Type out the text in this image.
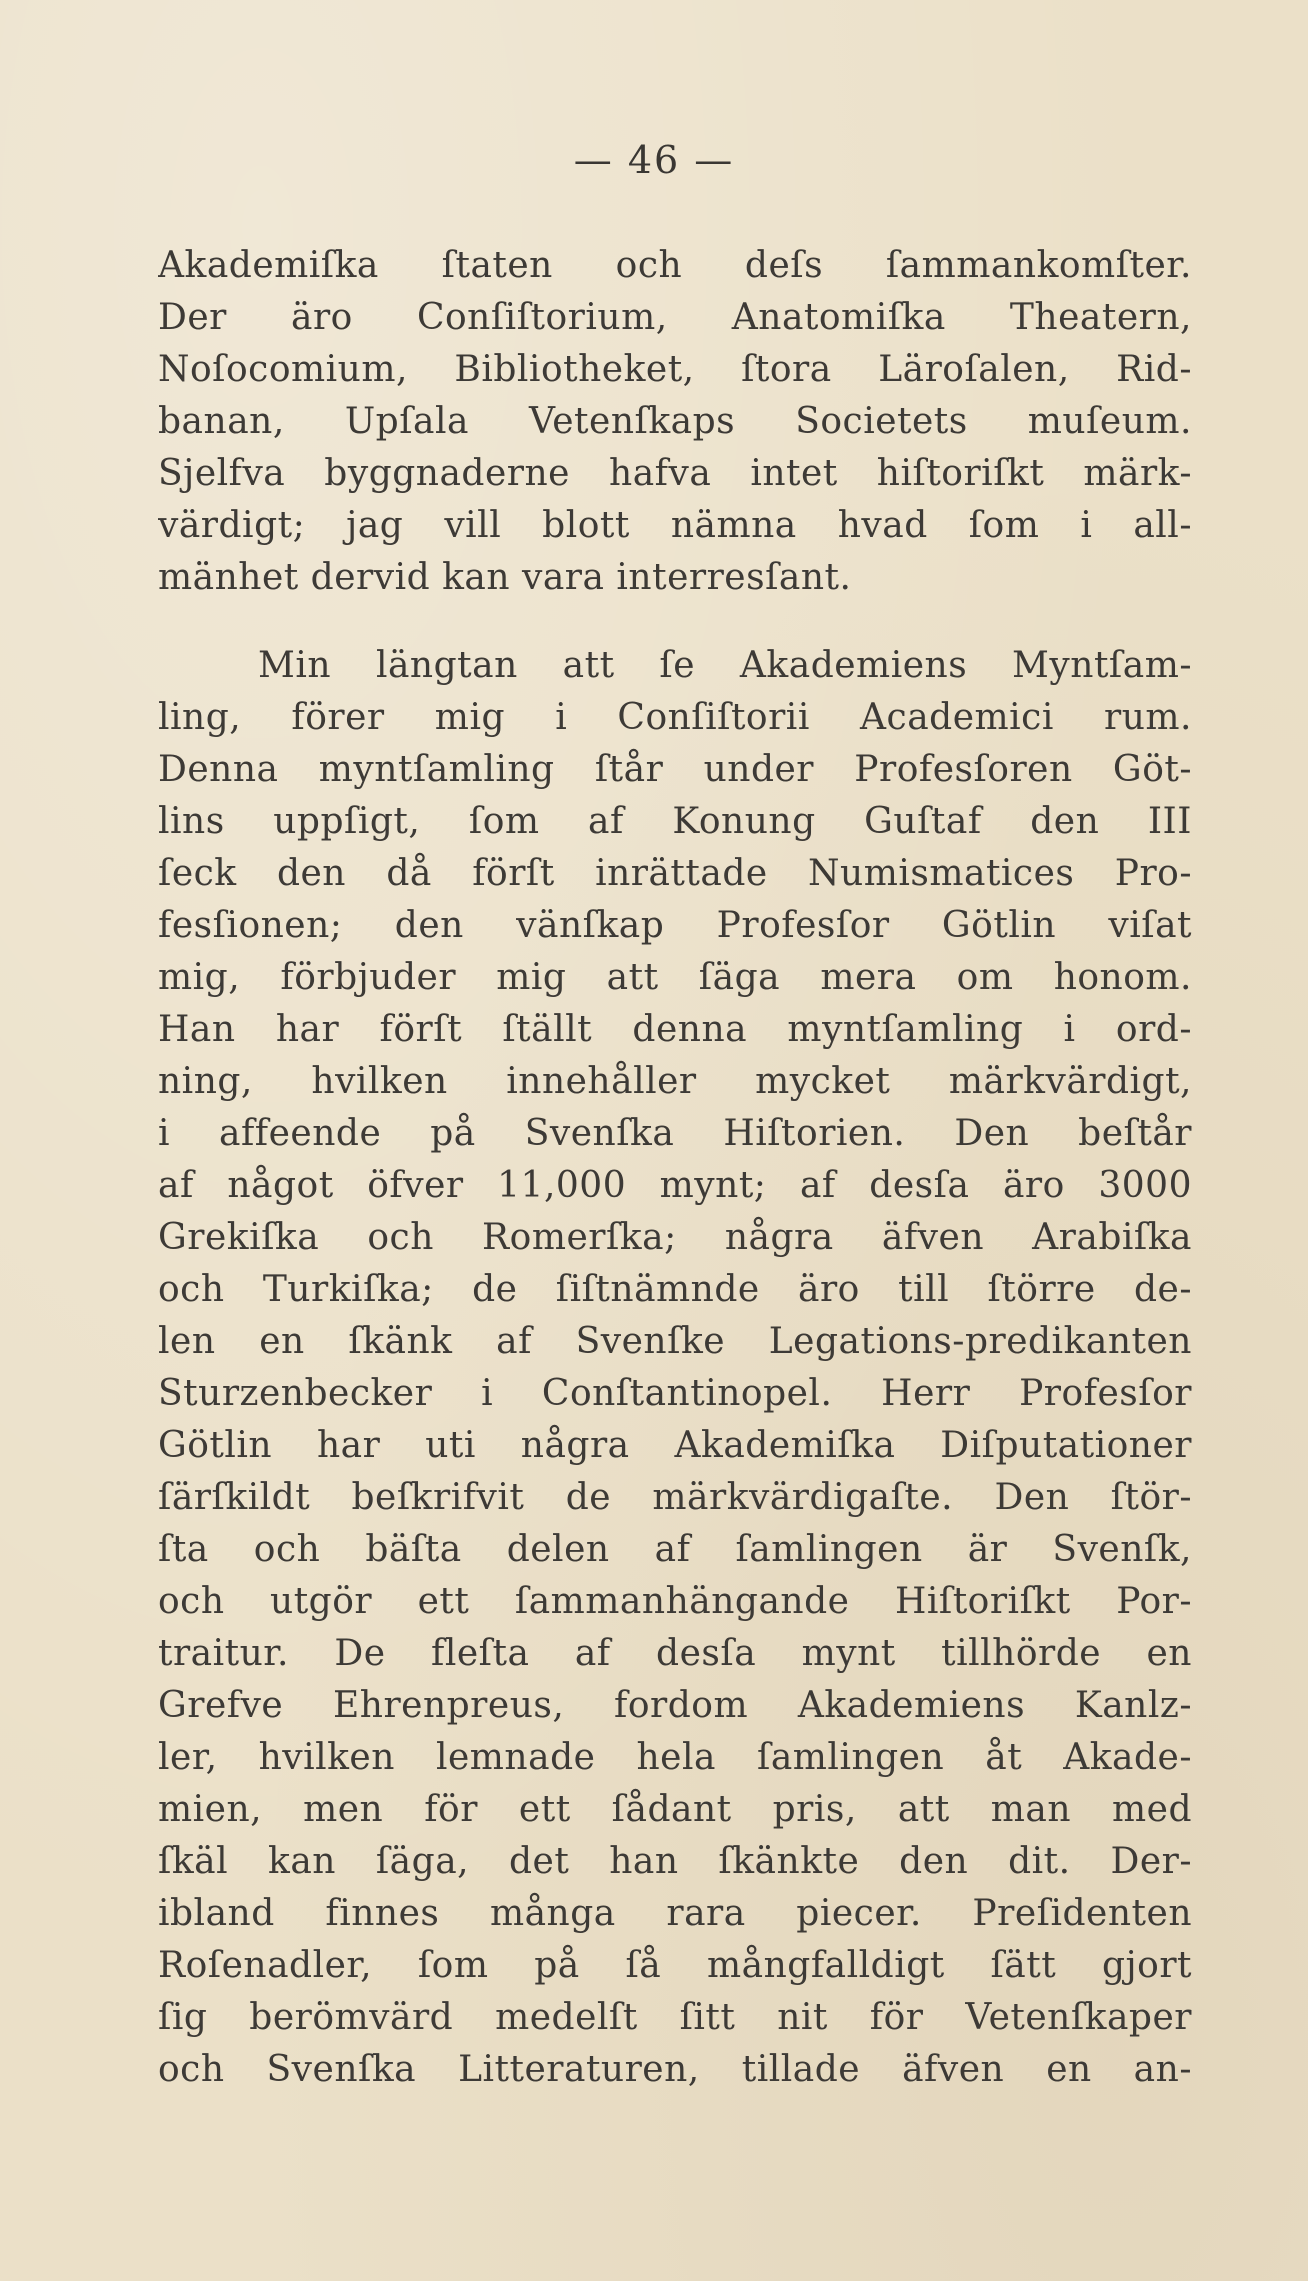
— 46 —
Akademiſka ſtaten och deſs ſammankomſter.
Der äro Conſiſtorium, Anatomiſka Theatern,
Noſocomium, Bibliotheket, ſtora Läroſalen, Rid-
banan, Upſala Vetenſkaps Societets muſeum.
Sjelfva byggnaderne hafva intet hiſtoriſkt märk-
värdigt; jag vill blott nämna hvad ſom i all-
mänhet dervid kan vara interresſant.
Min längtan att ſe Akademiens Myntſam-
ling, förer mig i Conſiſtorii Academici rum.
Denna myntſamling ſtår under Profesſoren Göt-
lins uppſigt, ſom af Konung Guſtaf den III
ſeck den då förſt inrättade Numismatices Pro-
fesſionen; den vänſkap Profesſor Götlin viſat
mig, förbjuder mig att ſäga mera om honom.
Han har förſt ſtällt denna myntſamling i ord-
ning, hvilken innehåller mycket märkvärdigt,
i affeende på Svenſka Hiſtorien. Den beſtår
af något öfver 11,000 mynt; af desſa äro 3000
Grekiſka och Romerſka; några äfven Arabiſka
och Turkiſka; de ſiſtnämnde äro till ſtörre de-
len en ſkänk af Svenſke Legations-predikanten
Sturzenbecker i Conſtantinopel. Herr Profesſor
Götlin har uti några Akademiſka Diſputationer
ſärſkildt beſkrifvit de märkvärdigaſte. Den ſtör-
ſta och bäſta delen af ſamlingen är Svenſk,
och utgör ett ſammanhängande Hiſtoriſkt Por-
traitur. De fleſta af desſa mynt tillhörde en
Grefve Ehrenpreus, fordom Akademiens Kanlz-
ler, hvilken lemnade hela ſamlingen åt Akade-
mien, men för ett ſådant pris, att man med
ſkäl kan ſäga, det han ſkänkte den dit. Der-
ibland finnes många rara piecer. Preſidenten
Roſenadler, ſom på ſå mångfalldigt ſätt gjort
ſig berömvärd medelſt ſitt nit för Vetenſkaper
och Svenſka Litteraturen, tillade äfven en an-
